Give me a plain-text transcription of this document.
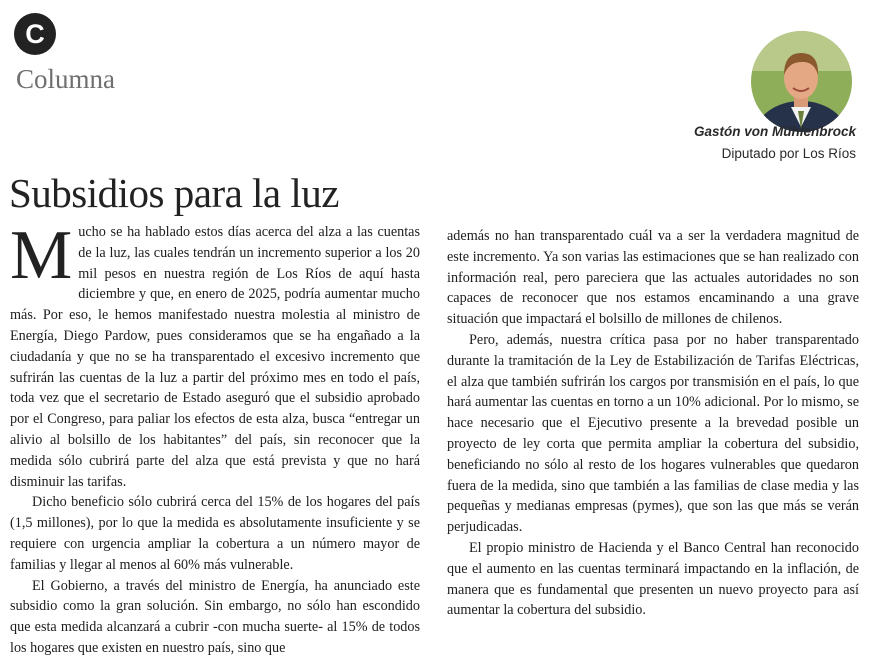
C
Columna
Gastón von Mühlenbrock
Diputado por Los Ríos
Subsidios para la luz

Mucho se ha hablado estos días acerca del alza a las cuentas de la luz, las cuales tendrán un incremento superior a los 20 mil pesos en nuestra región de Los Ríos de aquí hasta diciembre y que, en enero de 2025, podría aumentar mucho más. Por eso, le hemos manifestado nuestra molestia al ministro de Energía, Diego Pardow, pues consideramos que se ha engañado a la ciudadanía y que no se ha transparentado el excesivo incremento que sufrirán las cuentas de la luz a partir del próximo mes en todo el país, toda vez que el secretario de Estado aseguró que el subsidio aprobado por el Congreso, para paliar los efectos de esta alza, busca “entregar un alivio al bolsillo de los habitantes” del país, sin reconocer que la medida sólo cubrirá parte del alza que está prevista y que no hará disminuir las tarifas.

Dicho beneficio sólo cubrirá cerca del 15% de los hogares del país (1,5 millones), por lo que la medida es absolutamente insuficiente y se requiere con urgencia ampliar la cobertura a un número mayor de familias y llegar al menos al 60% más vulnerable.

El Gobierno, a través del ministro de Energía, ha anunciado este subsidio como la gran solución. Sin embargo, no sólo han escondido que esta medida alcanzará a cubrir -con mucha suerte- al 15% de todos los hogares que existen en nuestro país, sino que

además no han transparentado cuál va a ser la verdadera magnitud de este incremento. Ya son varias las estimaciones que se han realizado con información real, pero pareciera que las actuales autoridades no son capaces de reconocer que nos estamos encaminando a una grave situación que impactará el bolsillo de millones de chilenos.

Pero, además, nuestra crítica pasa por no haber transparentado durante la tramitación de la Ley de Estabilización de Tarifas Eléctricas, el alza que también sufrirán los cargos por transmisión en el país, lo que hará aumentar las cuentas en torno a un 10% adicional. Por lo mismo, se hace necesario que el Ejecutivo presente a la brevedad posible un proyecto de ley corta que permita ampliar la cobertura del subsidio, beneficiando no sólo al resto de los hogares vulnerables que quedaron fuera de la medida, sino que también a las familias de clase media y las pequeñas y medianas empresas (pymes), que son las que más se verán perjudicadas.

El propio ministro de Hacienda y el Banco Central han reconocido que el aumento en las cuentas terminará impactando en la inflación, de manera que es fundamental que presenten un nuevo proyecto para así aumentar la cobertura del subsidio.
